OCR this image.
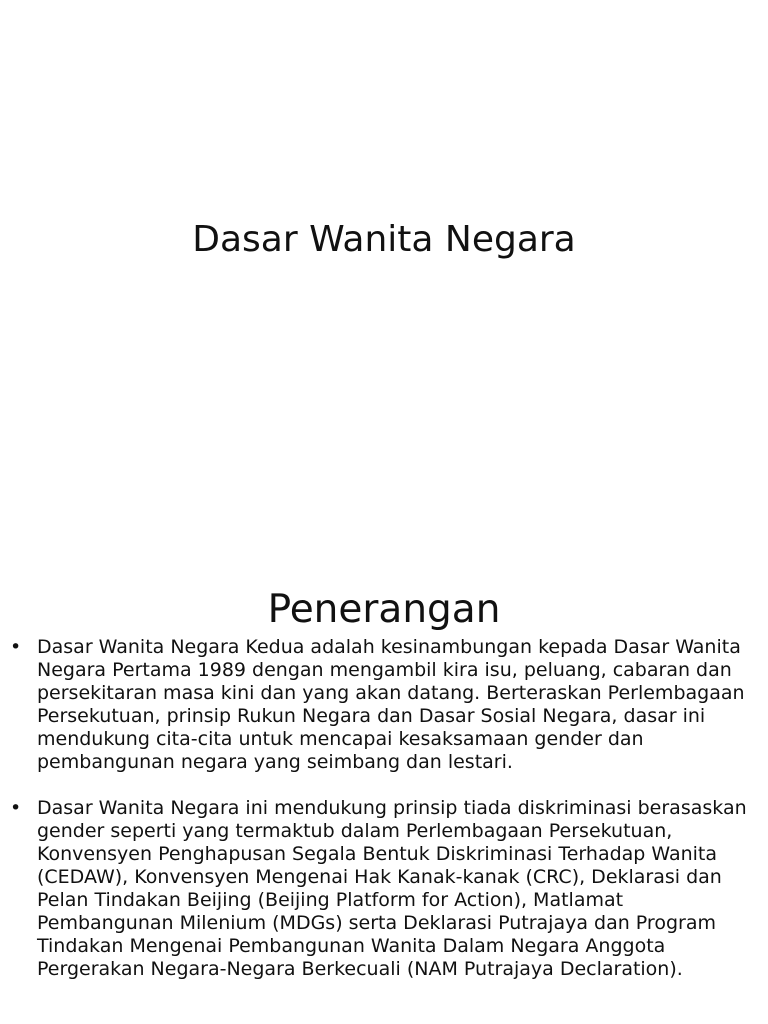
Dasar Wanita Negara
Penerangan
• Dasar Wanita Negara Kedua adalah kesinambungan kepada Dasar Wanita Negara Pertama 1989 dengan mengambil kira isu, peluang, cabaran dan persekitaran masa kini dan yang akan datang. Berteraskan Perlembagaan Persekutuan, prinsip Rukun Negara dan Dasar Sosial Negara, dasar ini mendukung cita-cita untuk mencapai kesaksamaan gender dan pembangunan negara yang seimbang dan lestari.
• Dasar Wanita Negara ini mendukung prinsip tiada diskriminasi berasaskan gender seperti yang termaktub dalam Perlembagaan Persekutuan, Konvensyen Penghapusan Segala Bentuk Diskriminasi Terhadap Wanita (CEDAW), Konvensyen Mengenai Hak Kanak-kanak (CRC), Deklarasi dan Pelan Tindakan Beijing (Beijing Platform for Action), Matlamat Pembangunan Milenium (MDGs) serta Deklarasi Putrajaya dan Program Tindakan Mengenai Pembangunan Wanita Dalam Negara Anggota Pergerakan Negara-Negara Berkecuali (NAM Putrajaya Declaration).
